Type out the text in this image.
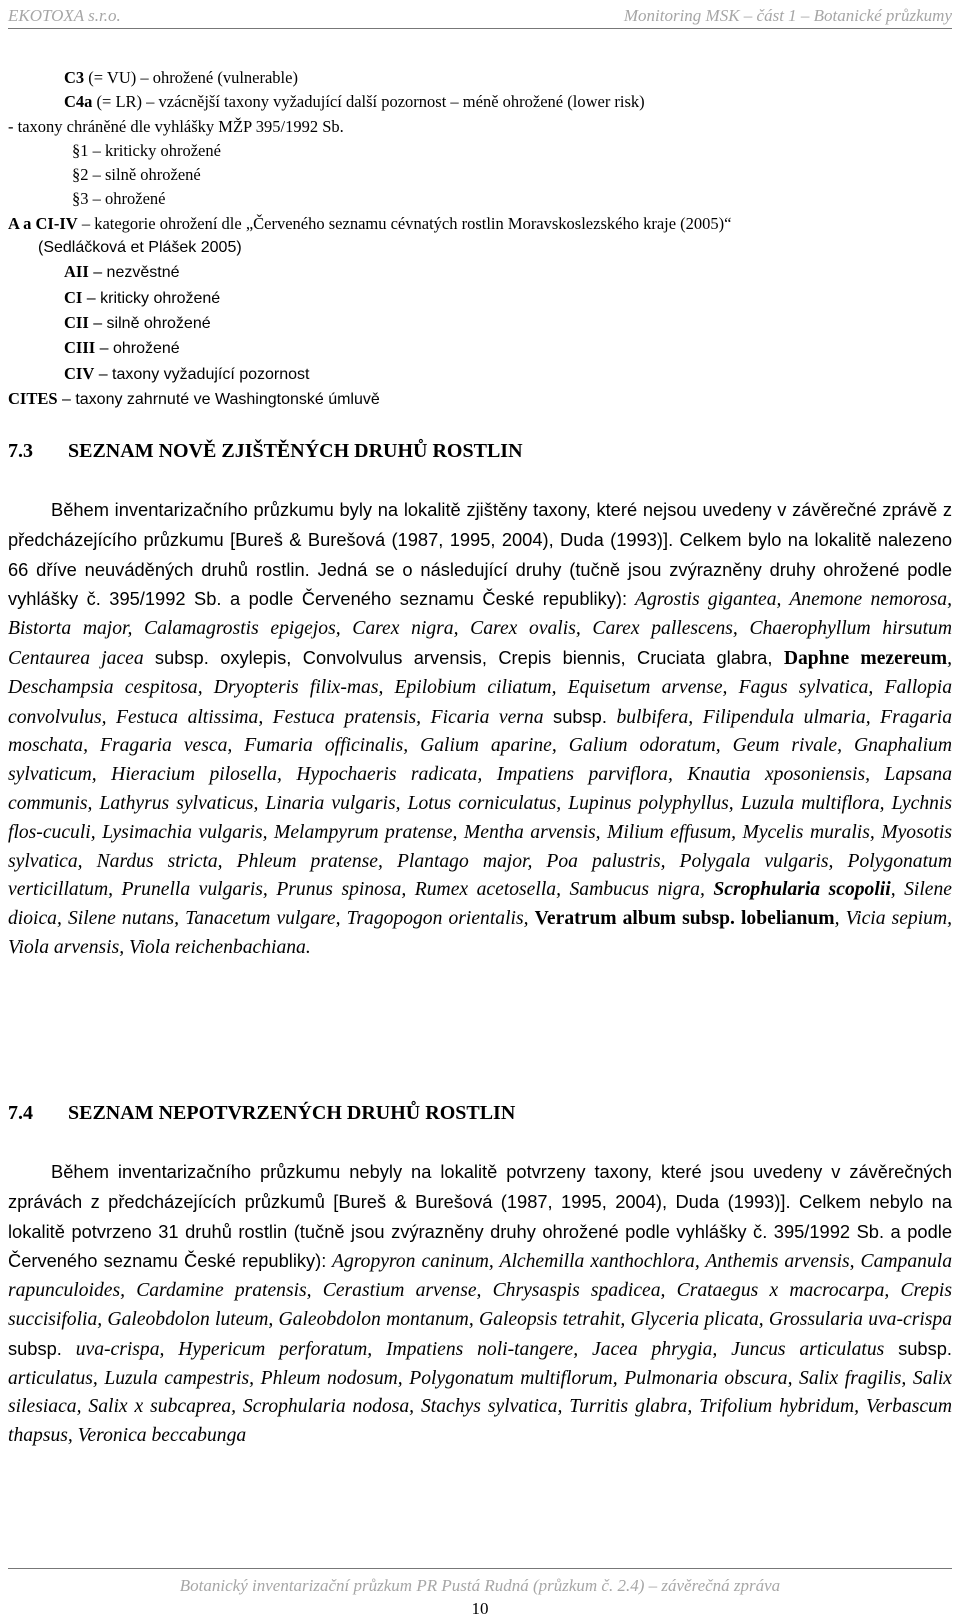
EKOTOXA s.r.o.	Monitoring MSK – část 1 – Botanické průzkumy
C3 (= VU) – ohrožené (vulnerable)
C4a (= LR) – vzácnější taxony vyžadující další pozornost – méně ohrožené (lower risk)
- taxony chráněné dle vyhlášky MŽP 395/1992 Sb.
§1 – kriticky ohrožené
§2 – silně ohrožené
§3 – ohrožené
A a CI-IV – kategorie ohrožení dle „Červeného seznamu cévnatých rostlin Moravskoslezského kraje (2005)“
(Sedláčková et Plášek 2005)
AII – nezvěstné
CI – kriticky ohrožené
CII – silně ohrožené
CIII – ohrožené
CIV – taxony vyžadující pozornost
CITES – taxony zahrnuté ve Washingtonské úmluvě
7.3 SEZNAM NOVĚ ZJIŠTĚNÝCH DRUHŮ ROSTLIN
Během inventarizačního průzkumu byly na lokalitě zjištěny taxony, které nejsou uvedeny v závěrečné zprávě z předcházejícího průzkumu [Bureš & Burešová (1987, 1995, 2004), Duda (1993)]. Celkem bylo na lokalitě nalezeno 66 dříve neuváděných druhů rostlin. Jedná se o následující druhy (tučně jsou zvýrazněny druhy ohrožené podle vyhlášky č. 395/1992 Sb. a podle Červeného seznamu České republiky): Agrostis gigantea, Anemone nemorosa, Bistorta major, Calamagrostis epigejos, Carex nigra, Carex ovalis, Carex pallescens, Chaerophyllum hirsutum Centaurea jacea subsp. oxylepis, Convolvulus arvensis, Crepis biennis, Cruciata glabra, Daphne mezereum, Deschampsia cespitosa, Dryopteris filix-mas, Epilobium ciliatum, Equisetum arvense, Fagus sylvatica, Fallopia convolvulus, Festuca altissima, Festuca pratensis, Ficaria verna subsp. bulbifera, Filipendula ulmaria, Fragaria moschata, Fragaria vesca, Fumaria officinalis, Galium aparine, Galium odoratum, Geum rivale, Gnaphalium sylvaticum, Hieracium pilosella, Hypochaeris radicata, Impatiens parviflora, Knautia xposoniensis, Lapsana communis, Lathyrus sylvaticus, Linaria vulgaris, Lotus corniculatus, Lupinus polyphyllus, Luzula multiflora, Lychnis flos-cuculi, Lysimachia vulgaris, Melampyrum pratense, Mentha arvensis, Milium effusum, Mycelis muralis, Myosotis sylvatica, Nardus stricta, Phleum pratense, Plantago major, Poa palustris, Polygala vulgaris, Polygonatum verticillatum, Prunella vulgaris, Prunus spinosa, Rumex acetosella, Sambucus nigra, Scrophularia scopolii, Silene dioica, Silene nutans, Tanacetum vulgare, Tragopogon orientalis, Veratrum album subsp. lobelianum, Vicia sepium, Viola arvensis, Viola reichenbachiana.
7.4 SEZNAM NEPOTVRZENÝCH DRUHŮ ROSTLIN
Během inventarizačního průzkumu nebyly na lokalitě potvrzeny taxony, které jsou uvedeny v závěrečných zprávách z předcházejících průzkumů [Bureš & Burešová (1987, 1995, 2004), Duda (1993)]. Celkem nebylo na lokalitě potvrzeno 31 druhů rostlin (tučně jsou zvýrazněny druhy ohrožené podle vyhlášky č. 395/1992 Sb. a podle Červeného seznamu České republiky): Agropyron caninum, Alchemilla xanthochlora, Anthemis arvensis, Campanula rapunculoides, Cardamine pratensis, Cerastium arvense, Chrysaspis spadicea, Crataegus x macrocarpa, Crepis succisifolia, Galeobdolon luteum, Galeobdolon montanum, Galeopsis tetrahit, Glyceria plicata, Grossularia uva-crispa subsp. uva-crispa, Hypericum perforatum, Impatiens noli-tangere, Jacea phrygia, Juncus articulatus subsp. articulatus, Luzula campestris, Phleum nodosum, Polygonatum multiflorum, Pulmonaria obscura, Salix fragilis, Salix silesiaca, Salix x subcaprea, Scrophularia nodosa, Stachys sylvatica, Turritis glabra, Trifolium hybridum, Verbascum thapsus, Veronica beccabunga
Botanický inventarizační průzkum PR Pustá Rudná (průzkum č. 2.4) – závěrečná zpráva
10
